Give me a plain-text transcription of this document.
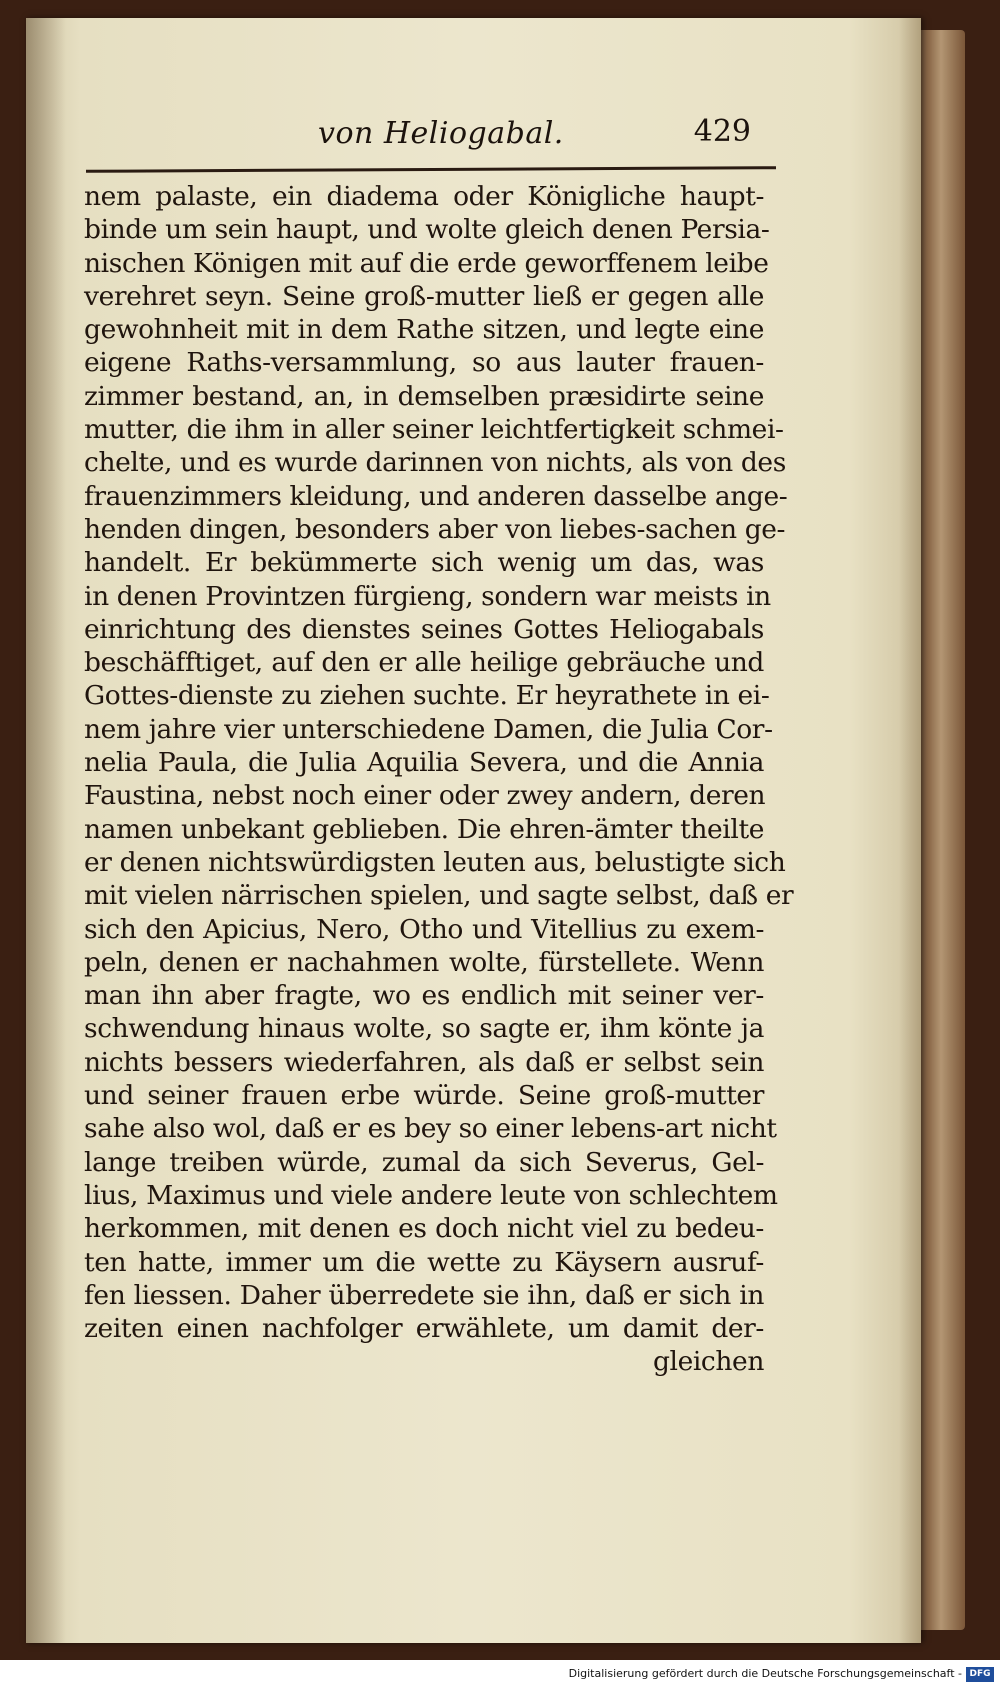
von Heliogabal.	429
nem palaste, ein diadema oder Königliche haupt-
binde um sein haupt, und wolte gleich denen Persia-
nischen Königen mit auf die erde geworffenem leibe
verehret seyn. Seine groß-mutter ließ er gegen alle
gewohnheit mit in dem Rathe sitzen, und legte eine
eigene Raths-versammlung, so aus lauter frauen-
zimmer bestand, an, in demselben præsidirte seine
mutter, die ihm in aller seiner leichtfertigkeit schmei-
chelte, und es wurde darinnen von nichts, als von des
frauenzimmers kleidung, und anderen dasselbe ange-
henden dingen, besonders aber von liebes-sachen ge-
handelt. Er bekümmerte sich wenig um das, was
in denen Provintzen fürgieng, sondern war meists in
einrichtung des dienstes seines Gottes Heliogabals
beschäfftiget, auf den er alle heilige gebräuche und
Gottes-dienste zu ziehen suchte. Er heyrathete in ei-
nem jahre vier unterschiedene Damen, die Julia Cor-
nelia Paula, die Julia Aquilia Severa, und die Annia
Faustina, nebst noch einer oder zwey andern, deren
namen unbekant geblieben. Die ehren-ämter theilte
er denen nichtswürdigsten leuten aus, belustigte sich
mit vielen närrischen spielen, und sagte selbst, daß er
sich den Apicius, Nero, Otho und Vitellius zu exem-
peln, denen er nachahmen wolte, fürstellete. Wenn
man ihn aber fragte, wo es endlich mit seiner ver-
schwendung hinaus wolte, so sagte er, ihm könte ja
nichts bessers wiederfahren, als daß er selbst sein
und seiner frauen erbe würde. Seine groß-mutter
sahe also wol, daß er es bey so einer lebens-art nicht
lange treiben würde, zumal da sich Severus, Gel-
lius, Maximus und viele andere leute von schlechtem
herkommen, mit denen es doch nicht viel zu bedeu-
ten hatte, immer um die wette zu Käysern ausruf-
fen liessen. Daher überredete sie ihn, daß er sich in
zeiten einen nachfolger erwählete, um damit der-
gleichen
Digitalisierung gefördert durch die Deutsche Forschungsgemeinschaft - DFG
